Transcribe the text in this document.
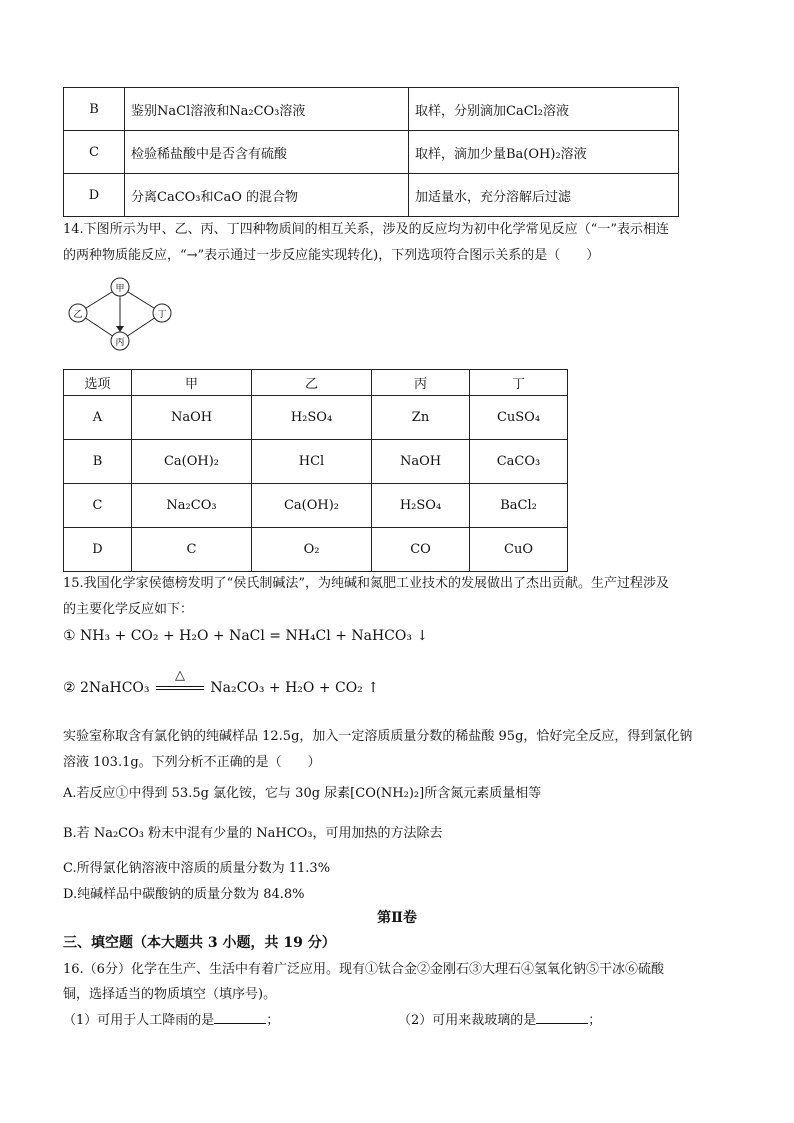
B	鉴别NaCl溶液和Na₂CO₃溶液	取样，分别滴加CaCl₂溶液
C	检验稀盐酸中是否含有硫酸	取样，滴加少量Ba(OH)₂溶液
D	分离CaCO₃和CaO 的混合物	加适量水，充分溶解后过滤
14.下图所示为甲、乙、丙、丁四种物质间的相互关系，涉及的反应均为初中化学常见反应（“一”表示相连
的两种物质能反应，“→”表示通过一步反应能实现转化)，下列选项符合图示关系的是（　　）
甲
乙	丁
丙
选项	甲	乙	丙	丁
A	NaOH	H₂SO₄	Zn	CuSO₄
B	Ca(OH)₂	HCl	NaOH	CaCO₃
C	Na₂CO₃	Ca(OH)₂	H₂SO₄	BaCl₂
D	C	O₂	CO	CuO
15.我国化学家侯德榜发明了“侯氏制碱法”，为纯碱和氮肥工业技术的发展做出了杰出贡献。生产过程涉及
的主要化学反应如下：
① NH₃ + CO₂ + H₂O + NaCl = NH₄Cl + NaHCO₃ ↓
② 2NaHCO₃
△
Na₂CO₃ + H₂O + CO₂ ↑
实验室称取含有氯化钠的纯碱样品 12.5g，加入一定溶质质量分数的稀盐酸 95g，恰好完全反应，得到氯化钠
溶液 103.1g。下列分析不正确的是（　　）
A.若反应①中得到 53.5g 氯化铵，它与 30g 尿素[CO(NH₂)₂]所含氮元素质量相等
B.若 Na₂CO₃ 粉末中混有少量的 NaHCO₃，可用加热的方法除去
C.所得氯化钠溶液中溶质的质量分数为 11.3%
D.纯碱样品中碳酸钠的质量分数为 84.8%
第Ⅱ卷
三、填空题（本大题共 3 小题，共 19 分）
16.（6分）化学在生产、生活中有着广泛应用。现有①钛合金②金刚石③大理石④氢氧化钠⑤干冰⑥硫酸
铜，选择适当的物质填空（填序号)。
（1）可用于人工降雨的是	；	（2）可用来裁玻璃的是	；
